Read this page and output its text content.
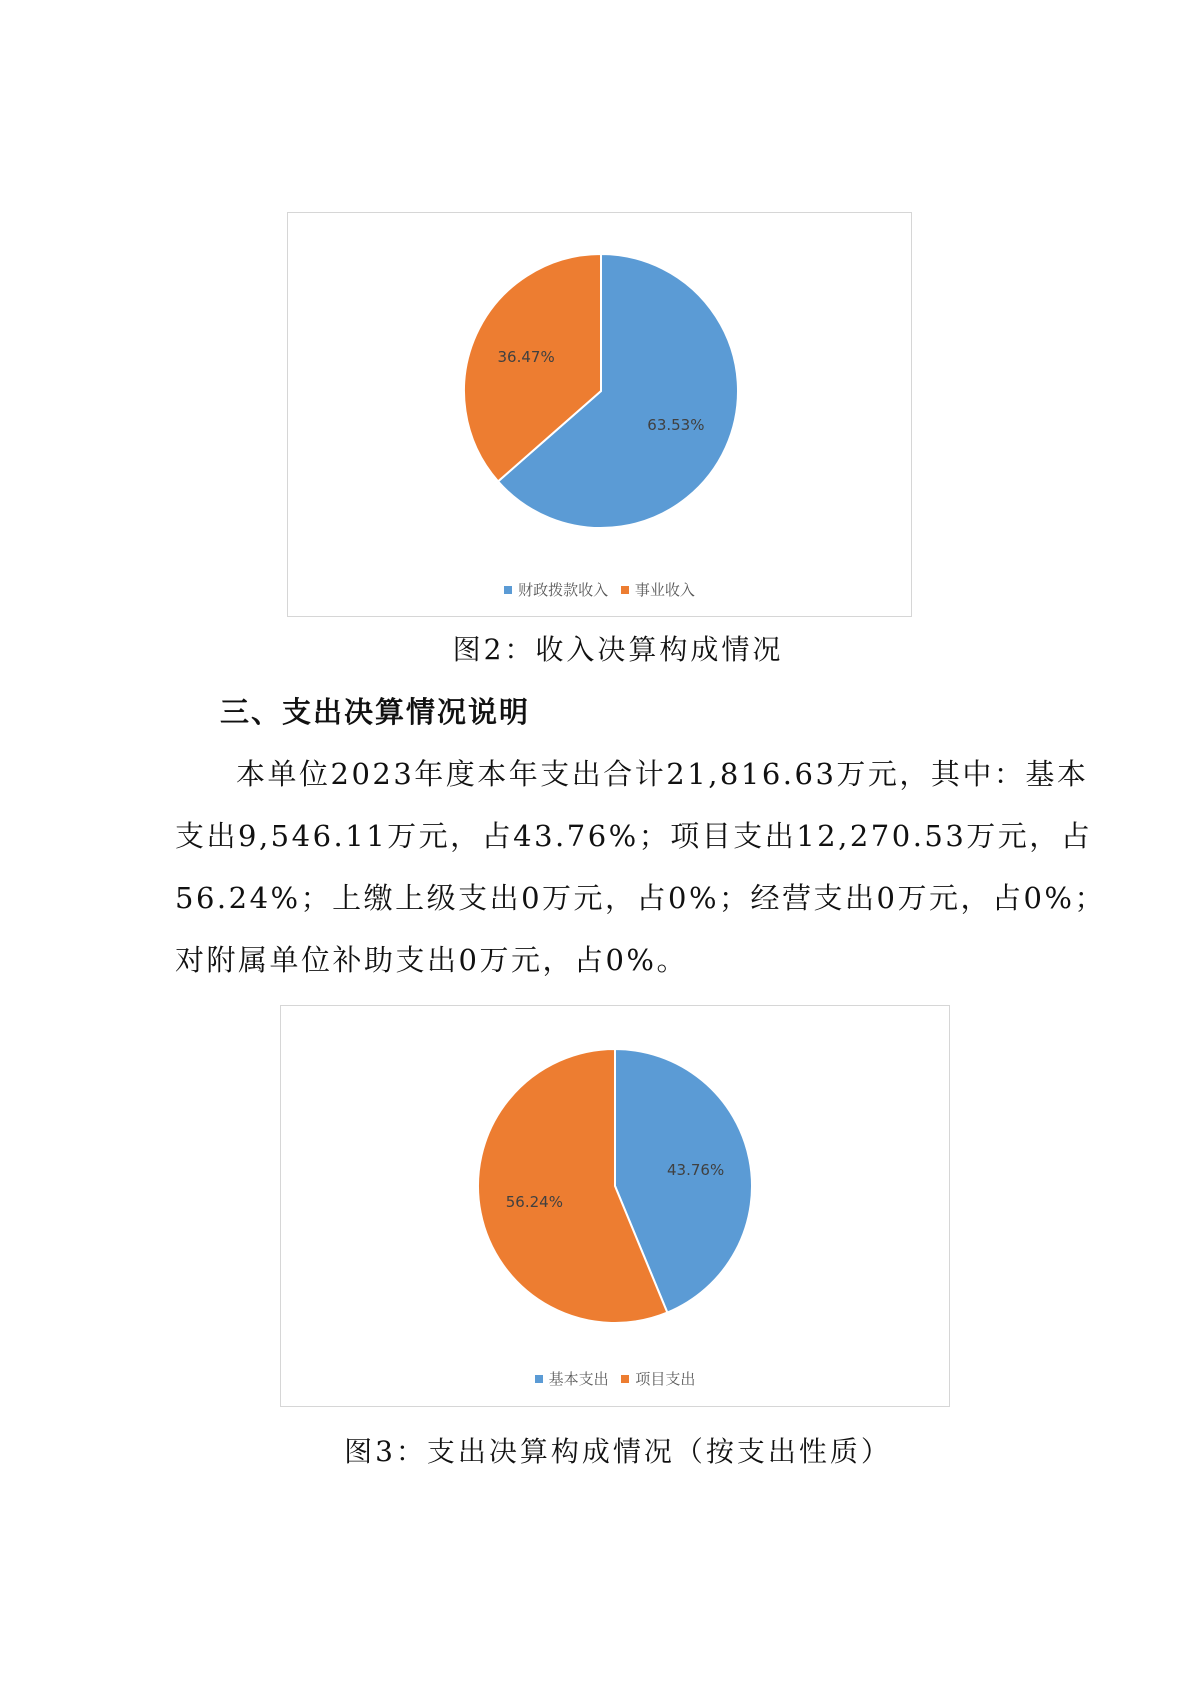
63.53%
36.47%
财政拨款收入 事业收入
图2：收入决算构成情况
三、支出决算情况说明
本单位2023年度本年支出合计21,816.63万元，其中：基本
支出9,546.11万元，占43.76%；项目支出12,270.53万元，占
56.24%；上缴上级支出0万元，占0%；经营支出0万元，占0%；
对附属单位补助支出0万元，占0%。
43.76%
56.24%
基本支出 项目支出
图3：支出决算构成情况（按支出性质）
